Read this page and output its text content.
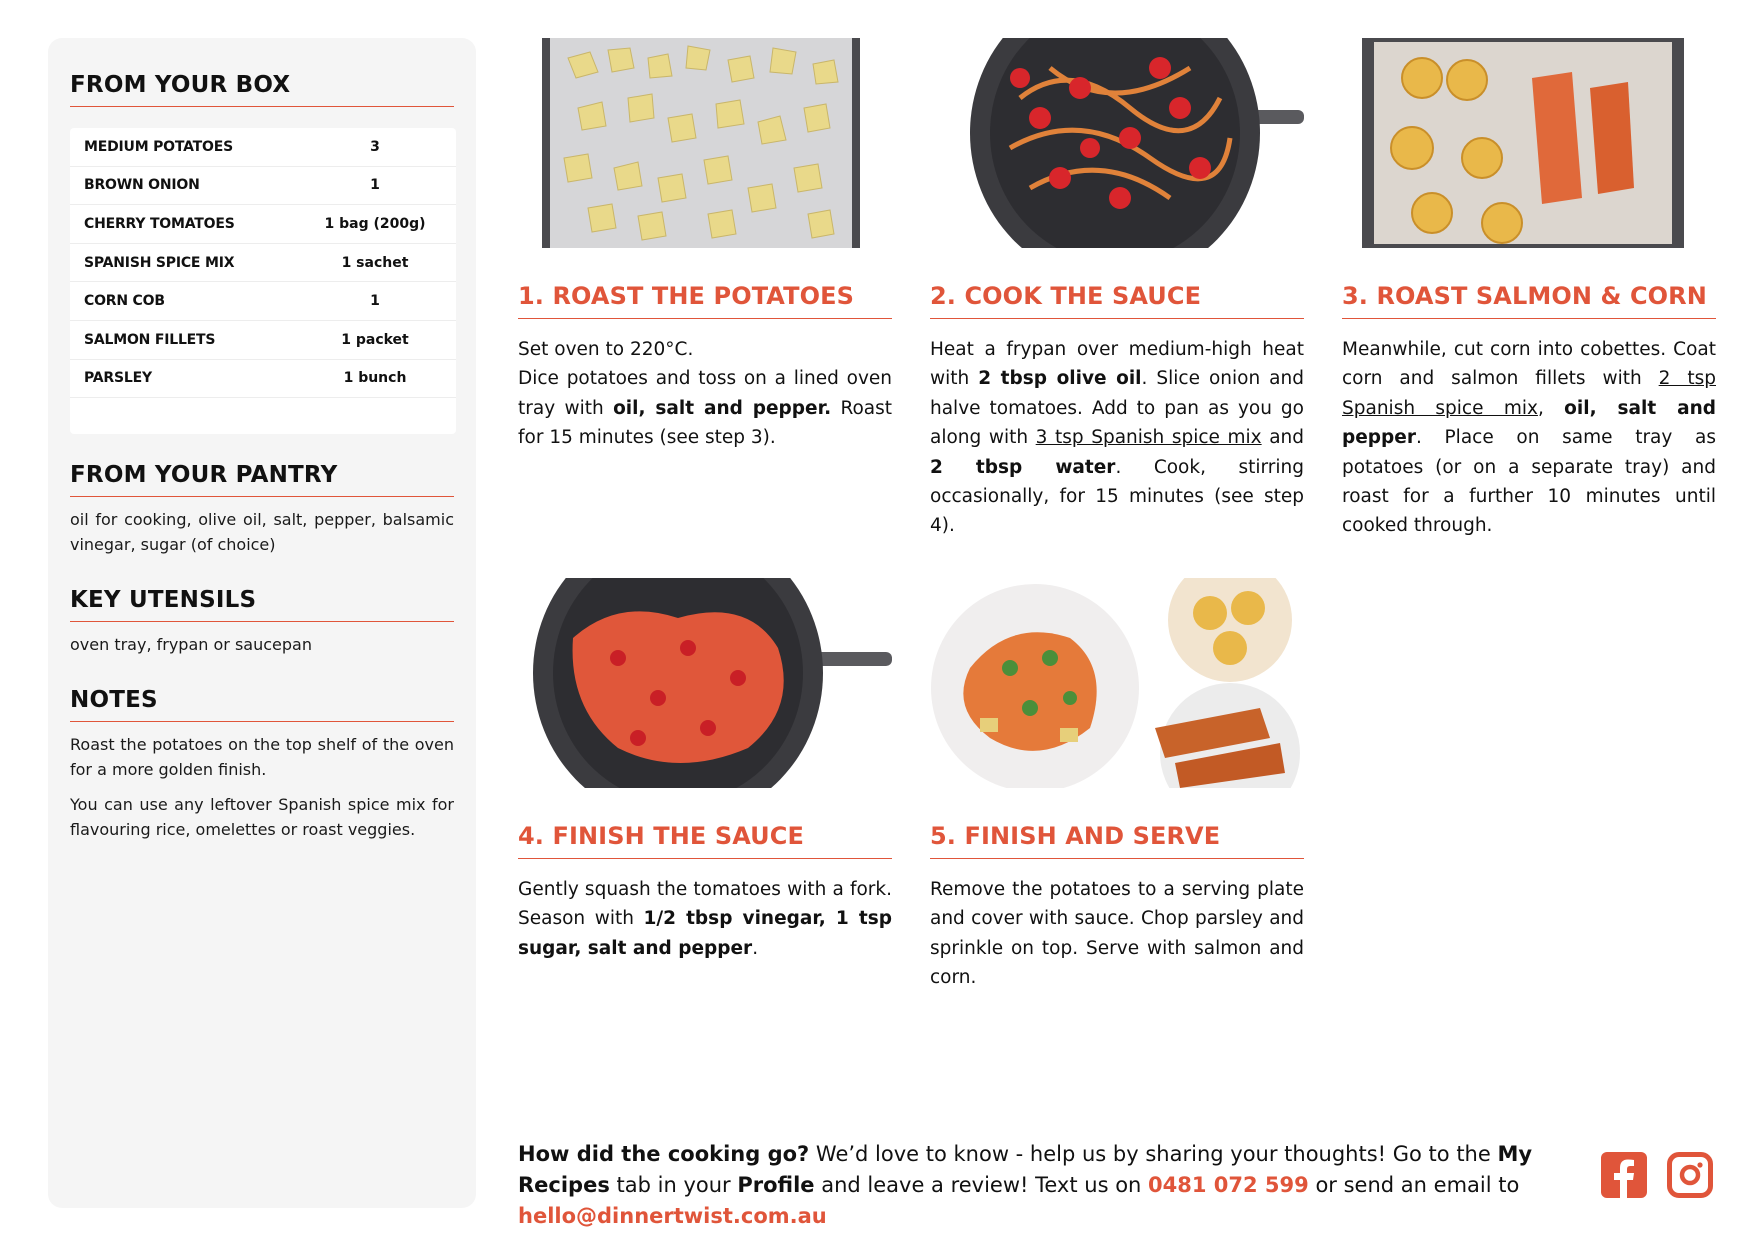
FROM YOUR BOX
MEDIUM POTATOES	3
BROWN ONION	1
CHERRY TOMATOES	1 bag (200g)
SPANISH SPICE MIX	1 sachet
CORN COB	1
SALMON FILLETS	1 packet
PARSLEY	1 bunch
FROM YOUR PANTRY

oil for cooking, olive oil, salt, pepper, balsamic vinegar, sugar (of choice)

KEY UTENSILS

oven tray, frypan or saucepan

NOTES

Roast the potatoes on the top shelf of the oven for a more golden finish.

You can use any leftover Spanish spice mix for flavouring rice, omelettes or roast veggies.

1. ROAST THE POTATOES
Set oven to 220°C.
Dice potatoes and toss on a lined oven tray with oil, salt and pepper. Roast for 15 minutes (see step 3).
2. COOK THE SAUCE
Heat a frypan over medium-high heat with 2 tbsp olive oil. Slice onion and halve tomatoes. Add to pan as you go along with 3 tsp Spanish spice mix and 2 tbsp water. Cook, stirring occasionally, for 15 minutes (see step 4).
3. ROAST SALMON & CORN
Meanwhile, cut corn into cobettes. Coat corn and salmon fillets with 2 tsp Spanish spice mix, oil, salt and pepper. Place on same tray as potatoes (or on a separate tray) and roast for a further 10 minutes until cooked through.
4. FINISH THE SAUCE
Gently squash the tomatoes with a fork. Season with 1/2 tbsp vinegar, 1 tsp sugar, salt and pepper.
5. FINISH AND SERVE
Remove the potatoes to a serving plate and cover with sauce. Chop parsley and sprinkle on top. Serve with salmon and corn.
How did the cooking go? We’d love to know - help us by sharing your thoughts! Go to the My Recipes tab in your Profile and leave a review! Text us on 0481 072 599 or send an email to hello@dinnertwist.com.au
